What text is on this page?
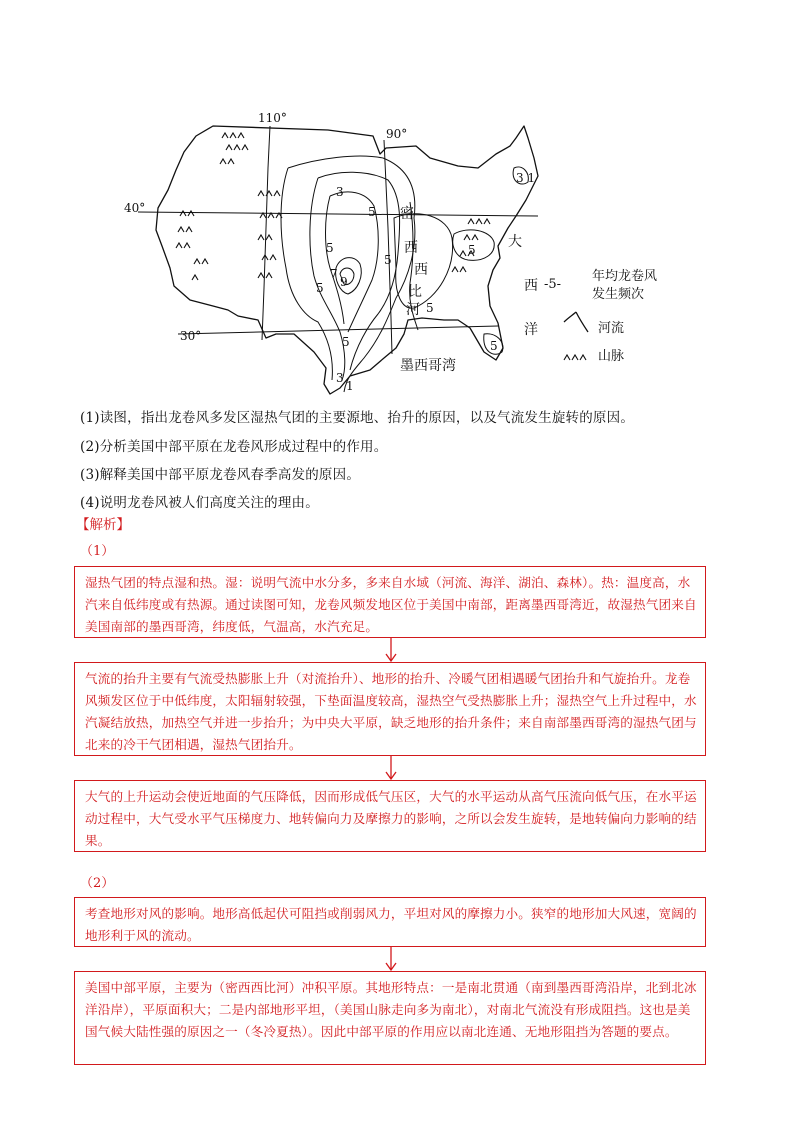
110°
90°
40°
30°
3
5
5
5
5
7
9
5
5
5	5
3
1
3 1
密
西
西
比
河
大
西
洋
墨西哥湾
-5-
年均龙卷风
发生频次
河流
山脉
(1)读图，指出龙卷风多发区湿热气团的主要源地、抬升的原因，以及气流发生旋转的原因。
(2)分析美国中部平原在龙卷风形成过程中的作用。
(3)解释美国中部平原龙卷风春季高发的原因。
(4)说明龙卷风被人们高度关注的理由。
【解析】
（1）
湿热气团的特点湿和热。湿：说明气流中水分多，多来自水域（河流、海洋、湖泊、森林）。热：温度高，水汽来自低纬度或有热源。通过读图可知，龙卷风频发地区位于美国中南部，距离墨西哥湾近，故湿热气团来自美国南部的墨西哥湾，纬度低，气温高，水汽充足。
气流的抬升主要有气流受热膨胀上升（对流抬升）、地形的抬升、冷暖气团相遇暖气团抬升和气旋抬升。龙卷风频发区位于中低纬度，太阳辐射较强，下垫面温度较高，湿热空气受热膨胀上升；湿热空气上升过程中，水汽凝结放热，加热空气并进一步抬升；为中央大平原，缺乏地形的抬升条件；来自南部墨西哥湾的湿热气团与北来的冷干气团相遇，湿热气团抬升。
大气的上升运动会使近地面的气压降低，因而形成低气压区，大气的水平运动从高气压流向低气压，在水平运动过程中，大气受水平气压梯度力、地转偏向力及摩擦力的影响，之所以会发生旋转，是地转偏向力影响的结果。
（2）
考查地形对风的影响。地形高低起伏可阻挡或削弱风力，平坦对风的摩擦力小。狭窄的地形加大风速，宽阔的地形利于风的流动。
美国中部平原，主要为（密西西比河）冲积平原。其地形特点：一是南北贯通（南到墨西哥湾沿岸，北到北冰洋沿岸），平原面积大；二是内部地形平坦，（美国山脉走向多为南北），对南北气流没有形成阻挡。这也是美国气候大陆性强的原因之一（冬冷夏热）。因此中部平原的作用应以南北连通、无地形阻挡为答题的要点。
